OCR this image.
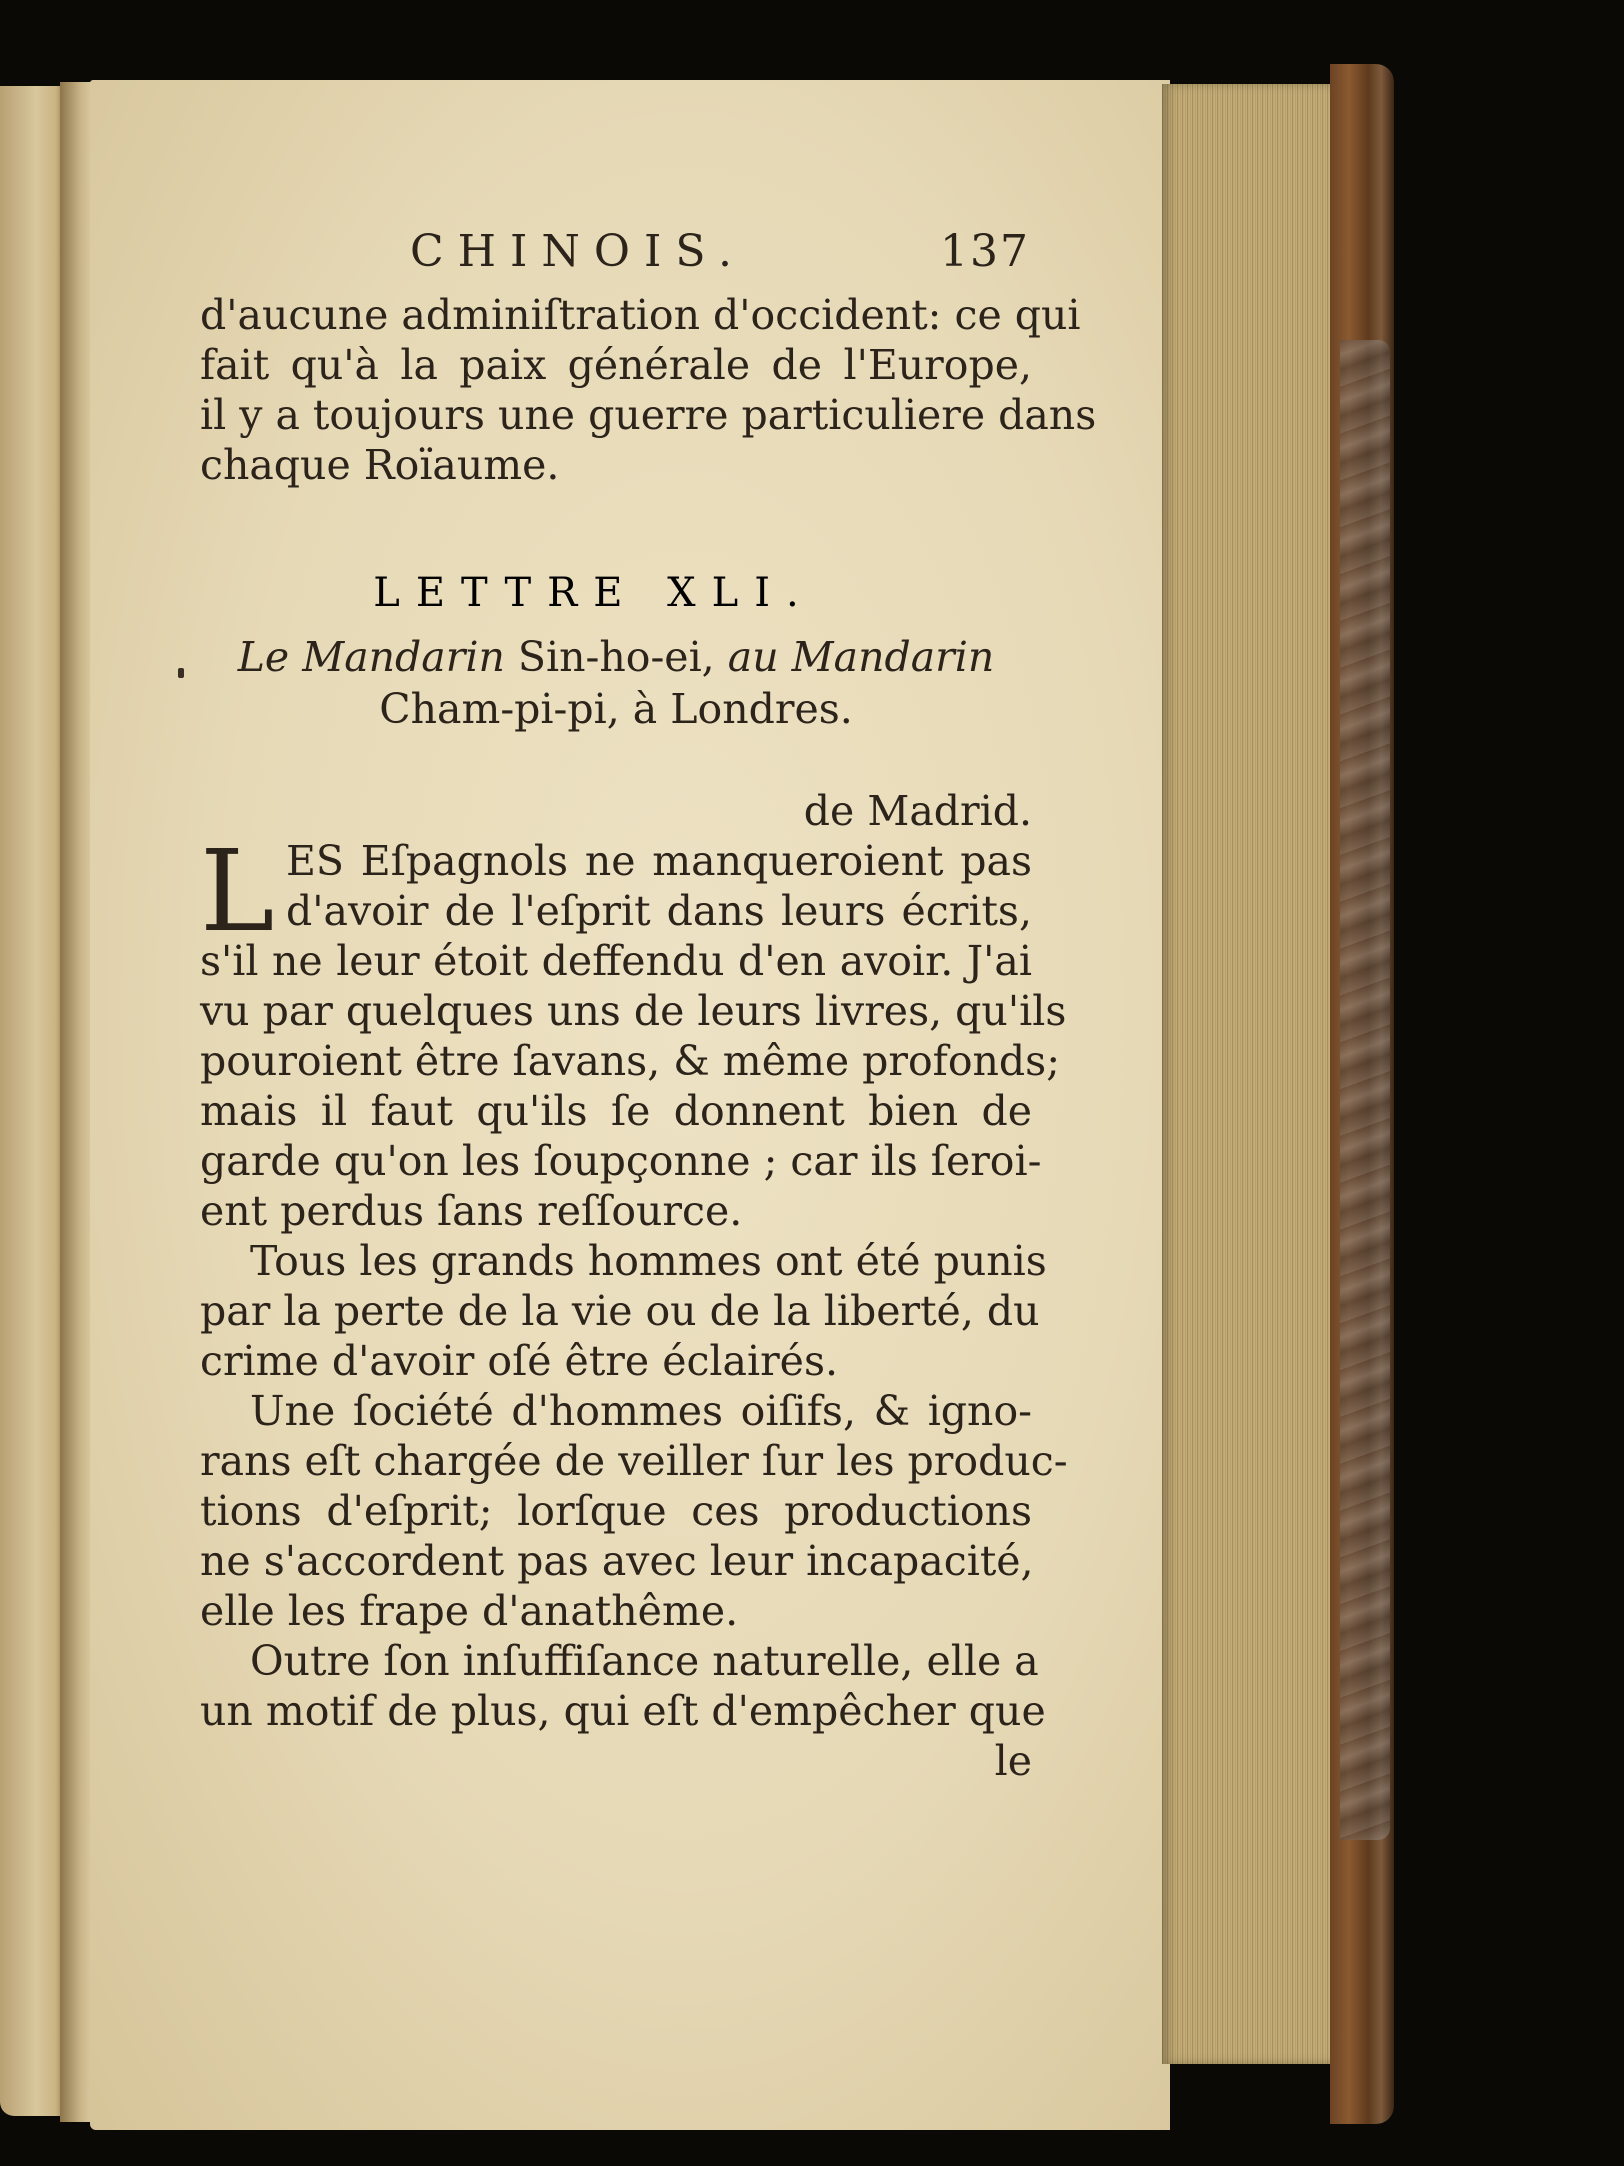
CHINOIS.	137
d'aucune adminiſtration d'occident: ce qui
fait qu'à la paix générale de l'Europe,
il y a toujours une guerre particuliere dans
chaque Roïaume.
Le Mandarin Sin-ho-ei, au Mandarin
Cham-pi-pi, à Londres.
de Madrid.
L ES Eſpagnols ne manqueroient pas
d'avoir de l'eſprit dans leurs écrits,
s'il ne leur étoit deffendu d'en avoir. J'ai
vu par quelques uns de leurs livres, qu'ils
pouroient être ſavans, & même profonds;
mais il faut qu'ils ſe donnent bien de
garde qu'on les ſoupçonne ; car ils ſeroi-
ent perdus ſans reſſource.
Tous les grands hommes ont été punis
par la perte de la vie ou de la liberté, du
crime d'avoir oſé être éclairés.
Une ſociété d'hommes oiſifs, & igno-
rans eſt chargée de veiller ſur les produc-
tions d'eſprit; lorſque ces productions
ne s'accordent pas avec leur incapacité,
elle les frape d'anathême.
Outre ſon inſuffiſance naturelle, elle a
un motif de plus, qui eſt d'empêcher que
le
LETTRE XLI.
